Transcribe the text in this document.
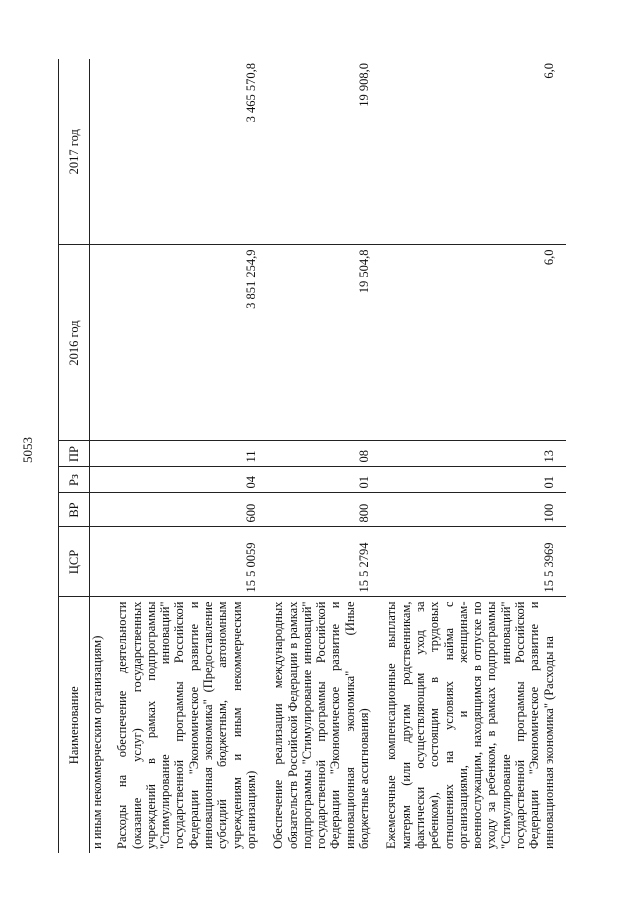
5053
Наименование	ЦСР	ВР	Рз	ПР	2016 год	2017 год
и иным некоммерческим организациям)						
Расходы на обеспечение деятельности (оказание услуг) государственных учреждений в рамках подпрограммы "Стимулирование инноваций" государственной программы Российской Федерации "Экономическое развитие и инновационная экономика" (Предоставление субсидий бюджетным, автономным учреждениям и иным некоммерческим организациям)	15 5 0059	600	04	11	3 851 254,9	3 465 570,8
Обеспечение реализации международных обязательств Российской Федерации в рамках подпрограммы "Стимулирование инноваций" государственной программы Российской Федерации "Экономическое развитие и инновационная экономика" (Иные бюджетные ассигнования)	15 5 2794	800	01	08	19 504,8	19 908,0
Ежемесячные компенсационные выплаты матерям (или другим родственникам, фактически осуществляющим уход за ребенком), состоящим в трудовых отношениях на условиях найма с организациями, и женщинам-военнослужащим, находящимся в отпуске по уходу за ребенком, в рамках подпрограммы "Стимулирование инноваций" государственной программы Российской Федерации "Экономическое развитие и инновационная экономика" (Расходы на	15 5 3969	100	01	13	6,0	6,0
